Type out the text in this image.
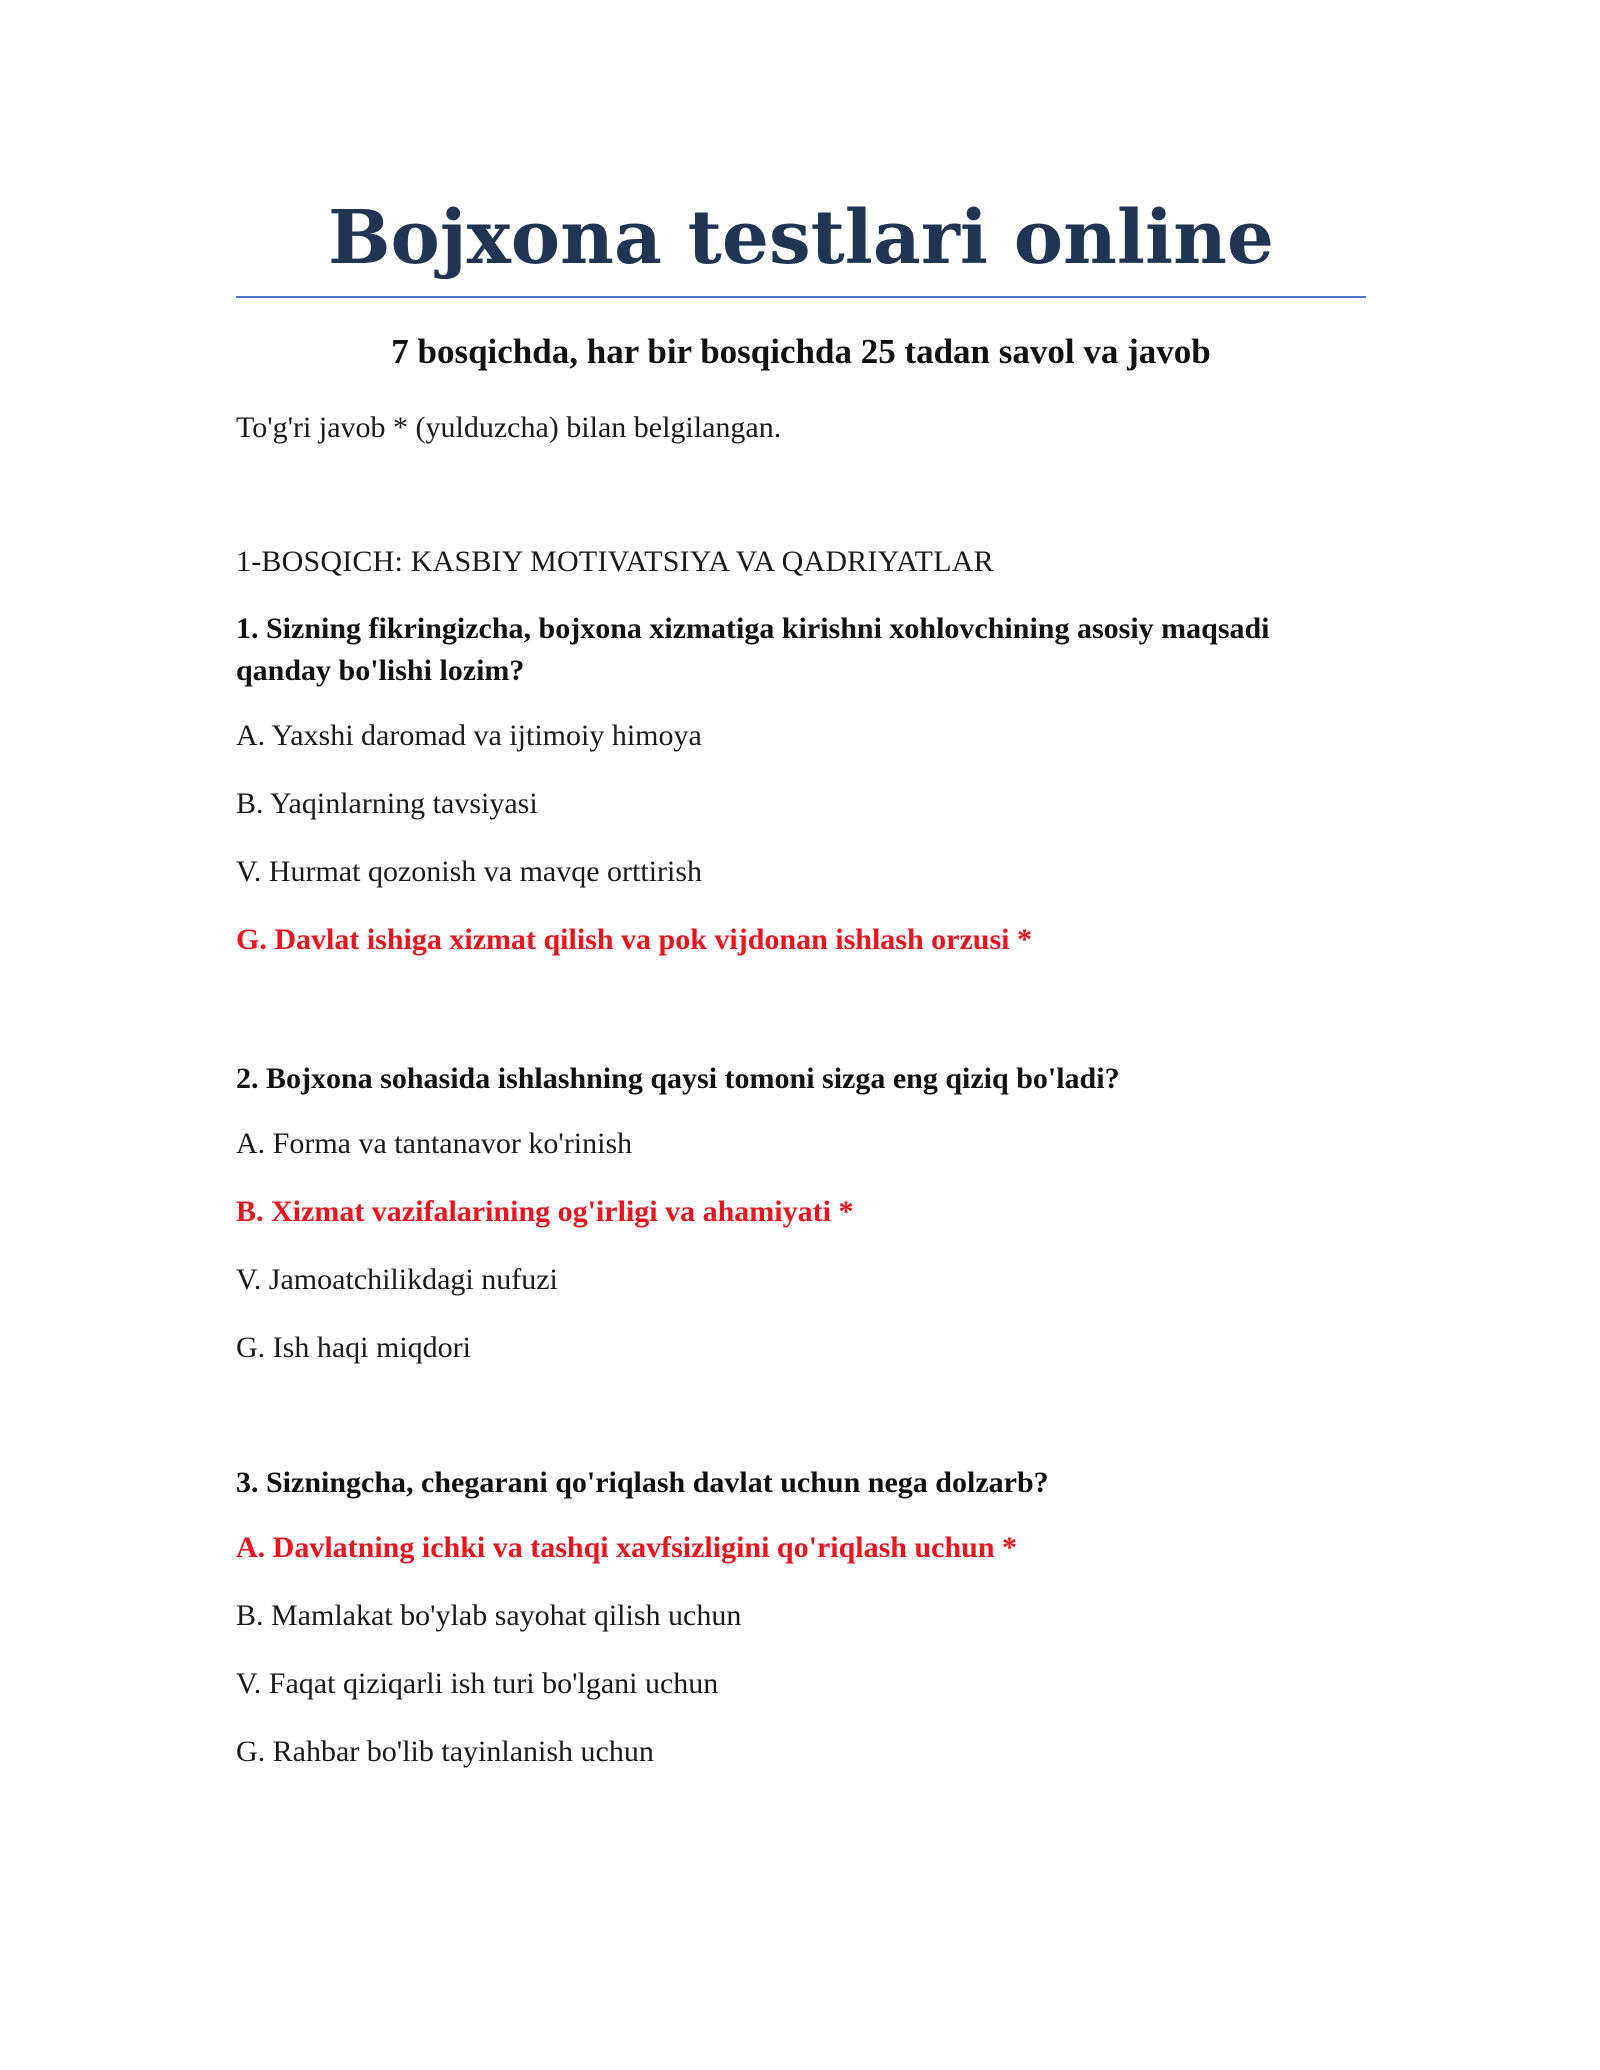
Bojxona testlari online
7 bosqichda, har bir bosqichda 25 tadan savol va javob

To'g'ri javob * (yulduzcha) bilan belgilangan.

1-BOSQICH: KASBIY MOTIVATSIYA VA QADRIYATLAR

1. Sizning fikringizcha, bojxona xizmatiga kirishni xohlovchining asosiy maqsadi qanday bo'lishi lozim?

A. Yaxshi daromad va ijtimoiy himoya

B. Yaqinlarning tavsiyasi

V. Hurmat qozonish va mavqe orttirish

G. Davlat ishiga xizmat qilish va pok vijdonan ishlash orzusi *

2. Bojxona sohasida ishlashning qaysi tomoni sizga eng qiziq bo'ladi?

A. Forma va tantanavor ko'rinish

B. Xizmat vazifalarining og'irligi va ahamiyati *

V. Jamoatchilikdagi nufuzi

G. Ish haqi miqdori

3. Sizningcha, chegarani qo'riqlash davlat uchun nega dolzarb?

A. Davlatning ichki va tashqi xavfsizligini qo'riqlash uchun *

B. Mamlakat bo'ylab sayohat qilish uchun

V. Faqat qiziqarli ish turi bo'lgani uchun

G. Rahbar bo'lib tayinlanish uchun
